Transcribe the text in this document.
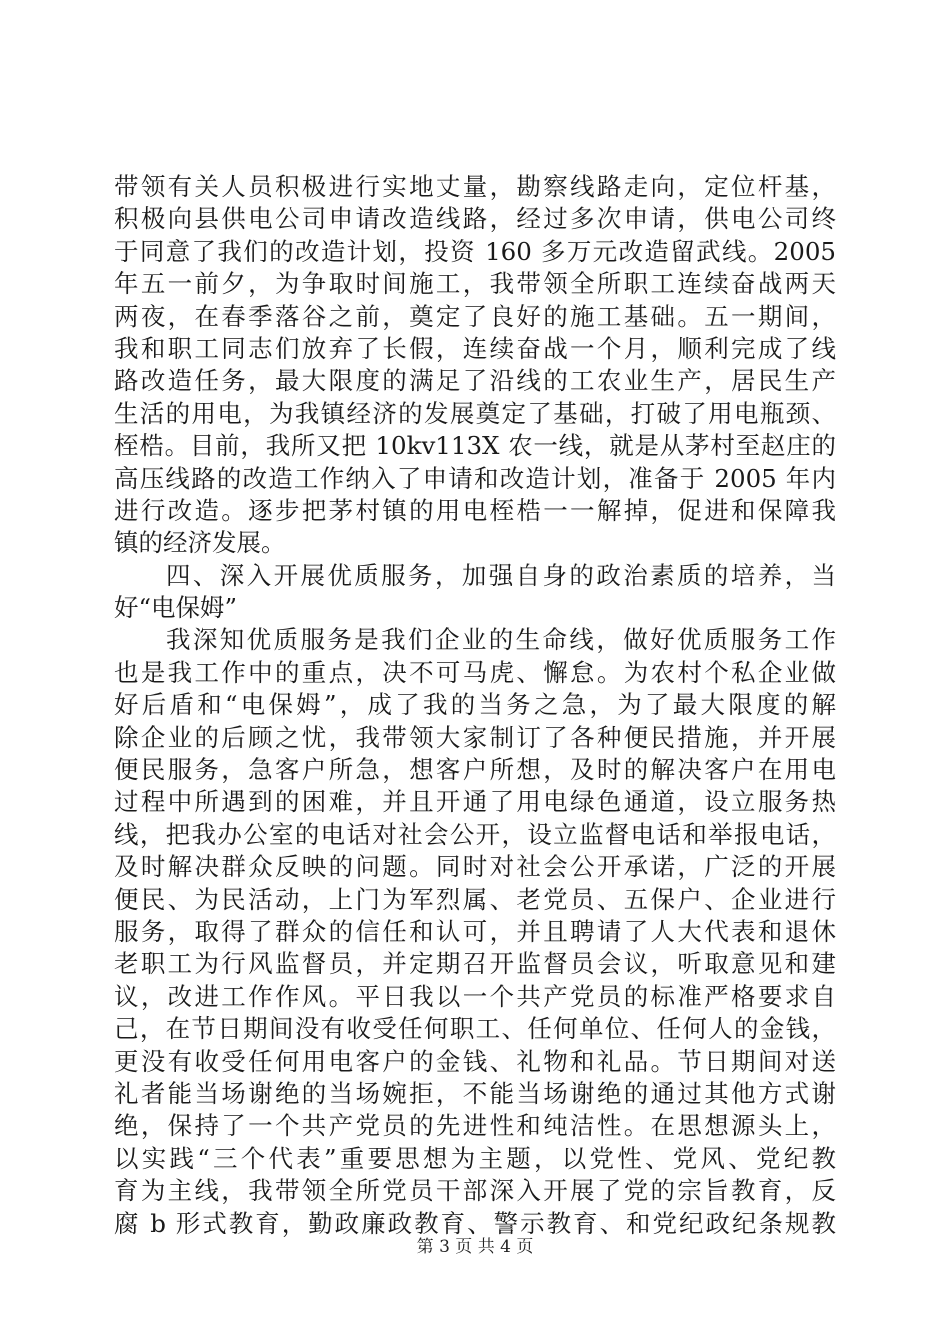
带领有关人员积极进行实地丈量，勘察线路走向，定位杆基，
积极向县供电公司申请改造线路，经过多次申请，供电公司终
于同意了我们的改造计划，投资 160 多万元改造留武线。2005
年五一前夕，为争取时间施工，我带领全所职工连续奋战两天
两夜，在春季落谷之前，奠定了良好的施工基础。五一期间，
我和职工同志们放弃了长假，连续奋战一个月，顺利完成了线
路改造任务，最大限度的满足了沿线的工农业生产，居民生产
生活的用电，为我镇经济的发展奠定了基础，打破了用电瓶颈、
桎梏。目前，我所又把 10kv113X 农一线，就是从茅村至赵庄的
高压线路的改造工作纳入了申请和改造计划，准备于 2005 年内
进行改造。逐步把茅村镇的用电桎梏一一解掉，促进和保障我
镇的经济发展。
四、深入开展优质服务，加强自身的政治素质的培养，当
好“电保姆”
我深知优质服务是我们企业的生命线，做好优质服务工作
也是我工作中的重点，决不可马虎、懈怠。为农村个私企业做
好后盾和“电保姆”，成了我的当务之急，为了最大限度的解
除企业的后顾之忧，我带领大家制订了各种便民措施，并开展
便民服务，急客户所急，想客户所想，及时的解决客户在用电
过程中所遇到的困难，并且开通了用电绿色通道，设立服务热
线，把我办公室的电话对社会公开，设立监督电话和举报电话，
及时解决群众反映的问题。同时对社会公开承诺，广泛的开展
便民、为民活动，上门为军烈属、老党员、五保户、企业进行
服务，取得了群众的信任和认可，并且聘请了人大代表和退休
老职工为行风监督员，并定期召开监督员会议，听取意见和建
议，改进工作作风。平日我以一个共产党员的标准严格要求自
己，在节日期间没有收受任何职工、任何单位、任何人的金钱，
更没有收受任何用电客户的金钱、礼物和礼品。节日期间对送
礼者能当场谢绝的当场婉拒，不能当场谢绝的通过其他方式谢
绝，保持了一个共产党员的先进性和纯洁性。在思想源头上，
以实践“三个代表”重要思想为主题，以党性、党风、党纪教
育为主线，我带领全所党员干部深入开展了党的宗旨教育，反
腐 b 形式教育，勤政廉政教育、警示教育、和党纪政纪条规教
第 3 页 共 4 页
